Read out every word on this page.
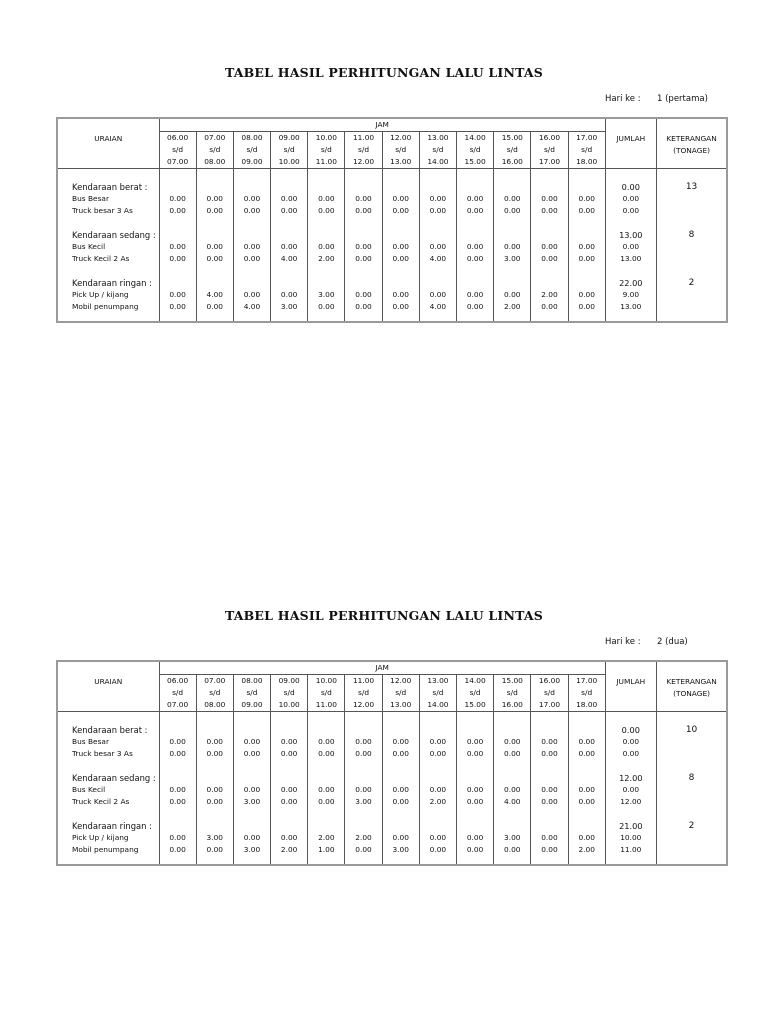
TABEL HASIL PERHITUNGAN LALU LINTAS
Hari ke : 1 (pertama)
URAIAN	JAM												JUMLAH	KETERANGAN
(TONAGE)

	06.00	07.00	08.00	09.00	10.00	11.00	12.00	13.00	14.00	15.00	16.00	17.00		
	s/d	s/d	s/d	s/d	s/d	s/d	s/d	s/d	s/d	s/d	s/d	s/d		
	07.00	08.00	09.00	10.00	11.00	12.00	13.00	14.00	15.00	16.00	17.00	18.00		

Kendaraan berat :													0.00	13
Bus Besar	0.00	0.00	0.00	0.00	0.00	0.00	0.00	0.00	0.00	0.00	0.00	0.00	0.00	
Truck besar 3 As	0.00	0.00	0.00	0.00	0.00	0.00	0.00	0.00	0.00	0.00	0.00	0.00	0.00	

Kendaraan sedang :													13.00	8
Bus Kecil	0.00	0.00	0.00	0.00	0.00	0.00	0.00	0.00	0.00	0.00	0.00	0.00	0.00	
Truck Kecil 2 As	0.00	0.00	0.00	4.00	2.00	0.00	0.00	4.00	0.00	3.00	0.00	0.00	13.00	

Kendaraan ringan :													22.00	2
Pick Up / kijang	0.00	4.00	0.00	0.00	3.00	0.00	0.00	0.00	0.00	0.00	2.00	0.00	9.00	
Mobil penumpang	0.00	0.00	4.00	3.00	0.00	0.00	0.00	4.00	0.00	2.00	0.00	0.00	13.00	
TABEL HASIL PERHITUNGAN LALU LINTAS
Hari ke : 2 (dua)
URAIAN	JAM												JUMLAH	KETERANGAN
(TONAGE)

	06.00	07.00	08.00	09.00	10.00	11.00	12.00	13.00	14.00	15.00	16.00	17.00		
	s/d	s/d	s/d	s/d	s/d	s/d	s/d	s/d	s/d	s/d	s/d	s/d		
	07.00	08.00	09.00	10.00	11.00	12.00	13.00	14.00	15.00	16.00	17.00	18.00		

Kendaraan berat :													0.00	10
Bus Besar	0.00	0.00	0.00	0.00	0.00	0.00	0.00	0.00	0.00	0.00	0.00	0.00	0.00	
Truck besar 3 As	0.00	0.00	0.00	0.00	0.00	0.00	0.00	0.00	0.00	0.00	0.00	0.00	0.00	

Kendaraan sedang :													12.00	8
Bus Kecil	0.00	0.00	0.00	0.00	0.00	0.00	0.00	0.00	0.00	0.00	0.00	0.00	0.00	
Truck Kecil 2 As	0.00	0.00	3.00	0.00	0.00	3.00	0.00	2.00	0.00	4.00	0.00	0.00	12.00	

Kendaraan ringan :													21.00	2
Pick Up / kijang	0.00	3.00	0.00	0.00	2.00	2.00	0.00	0.00	0.00	3.00	0.00	0.00	10.00	
Mobil penumpang	0.00	0.00	3.00	2.00	1.00	0.00	3.00	0.00	0.00	0.00	0.00	2.00	11.00	
